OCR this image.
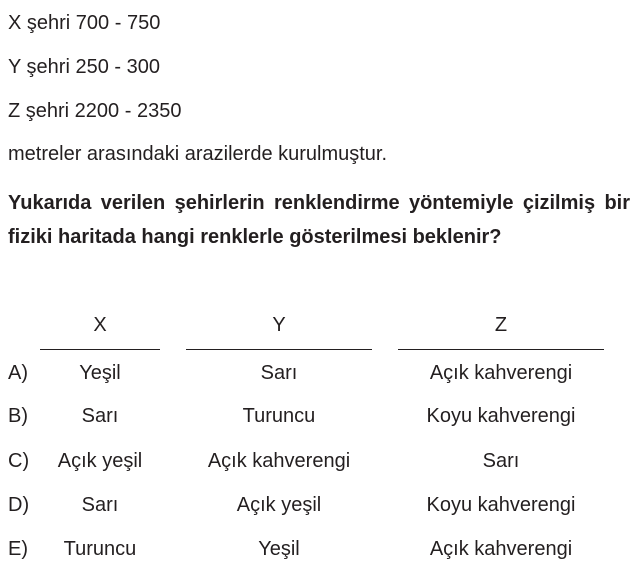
X şehri 700 - 750
Y şehri 250 - 300
Z şehri 2200 - 2350
metreler arasındaki arazilerde kurulmuştur.
Yukarıda verilen şehirlerin renklendirme yöntemiyle çizilmiş bir fiziki haritada hangi renklerle gösterilmesi beklenir?
X	Y	Z
A)	Yeşil	Sarı	Açık kahverengi
B)	Sarı	Turuncu	Koyu kahverengi
C)	Açık yeşil	Açık kahverengi	Sarı
D)	Sarı	Açık yeşil	Koyu kahverengi
E)	Turuncu	Yeşil	Açık kahverengi
